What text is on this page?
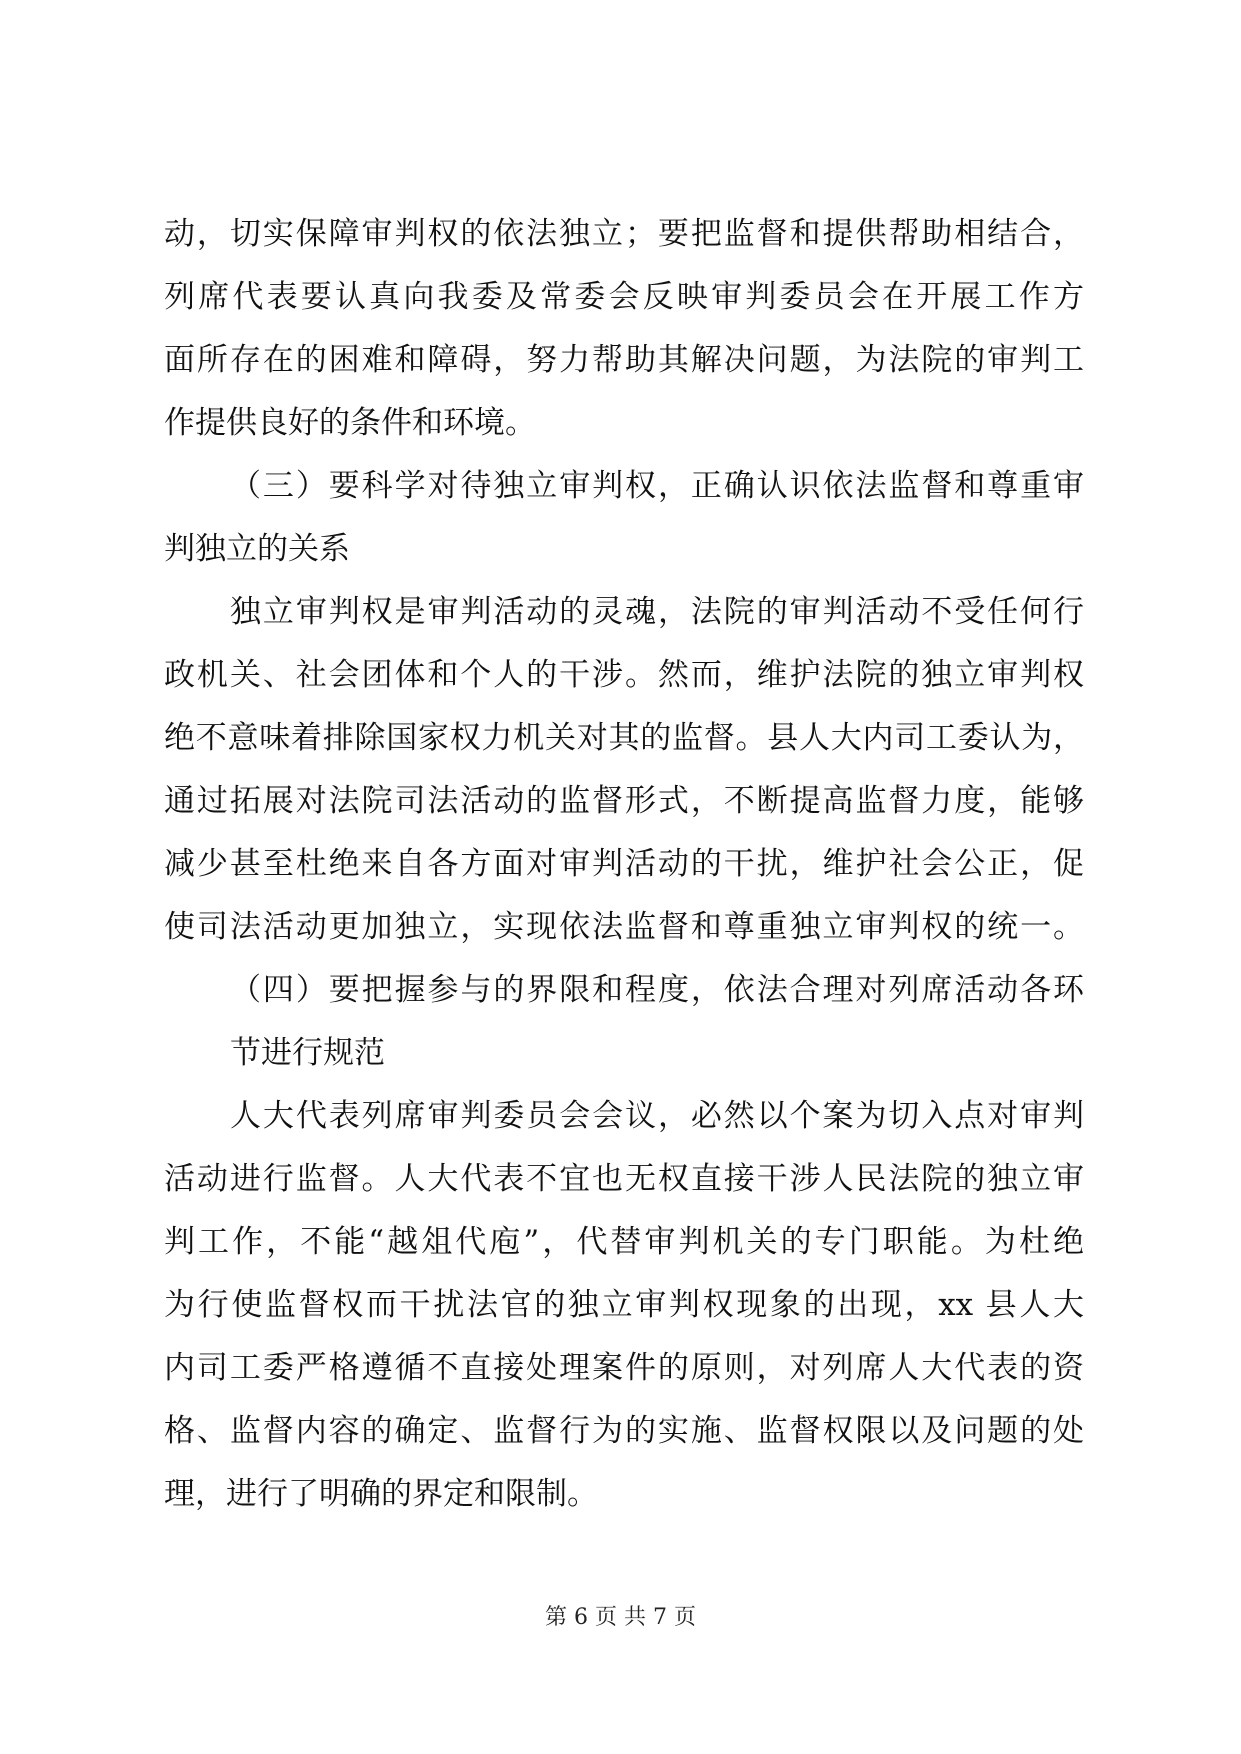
动，切实保障审判权的依法独立；要把监督和提供帮助相结合，
列席代表要认真向我委及常委会反映审判委员会在开展工作方
面所存在的困难和障碍，努力帮助其解决问题，为法院的审判工
作提供良好的条件和环境。
（三）要科学对待独立审判权，正确认识依法监督和尊重审
判独立的关系
独立审判权是审判活动的灵魂，法院的审判活动不受任何行
政机关、社会团体和个人的干涉。然而，维护法院的独立审判权
绝不意味着排除国家权力机关对其的监督。县人大内司工委认为，
通过拓展对法院司法活动的监督形式，不断提高监督力度，能够
减少甚至杜绝来自各方面对审判活动的干扰，维护社会公正，促
使司法活动更加独立，实现依法监督和尊重独立审判权的统一。
（四）要把握参与的界限和程度，依法合理对列席活动各环
节进行规范
人大代表列席审判委员会会议，必然以个案为切入点对审判
活动进行监督。人大代表不宜也无权直接干涉人民法院的独立审
判工作，不能“越俎代庖”，代替审判机关的专门职能。为杜绝
为行使监督权而干扰法官的独立审判权现象的出现，xx 县人大
内司工委严格遵循不直接处理案件的原则，对列席人大代表的资
格、监督内容的确定、监督行为的实施、监督权限以及问题的处
理，进行了明确的界定和限制。
第 6 页 共 7 页
